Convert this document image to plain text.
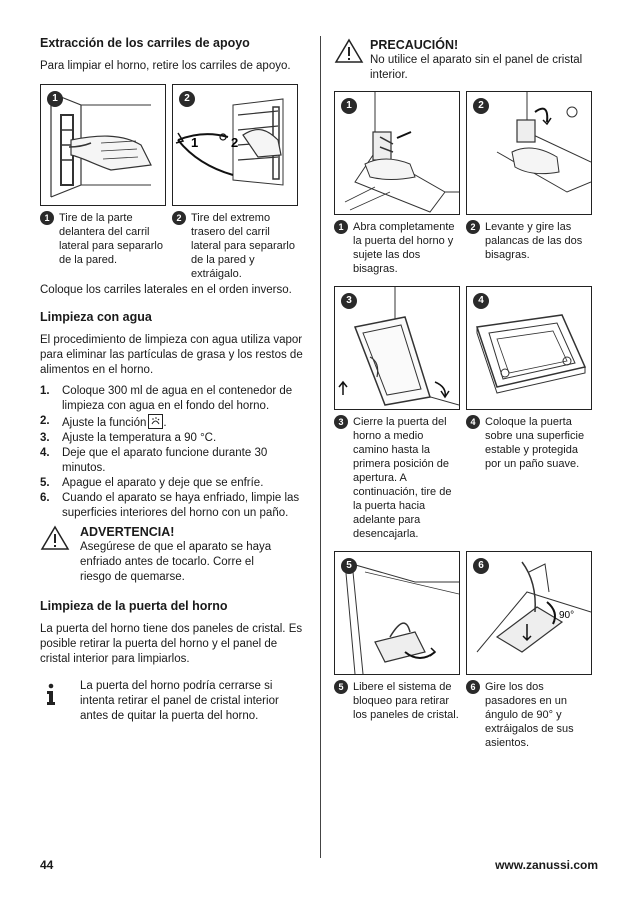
Extracción de los carriles de apoyo

Para limpiar el horno, retire los carriles de apoyo.

1	2
1	2
1 Tire de la parte delantera del carril lateral para separarlo de la pared.
2 Tire del extremo trasero del carril lateral para separarlo de la pared y extráigalo.

Coloque los carriles laterales en el orden inverso.

Limpieza con agua

El procedimiento de limpieza con agua utiliza vapor para eliminar las partículas de grasa y los restos de alimentos en el horno.

1.	Coloque 300 ml de agua en el contenedor de limpieza con agua en el fondo del horno.
2.	Ajuste la función .
3.	Ajuste la temperatura a 90 °C.
4.	Deje que el aparato funcione durante 30 minutos.
5.	Apague el aparato y deje que se enfríe.
6.	Cuando el aparato se haya enfriado, limpie las superficies interiores del horno con un paño.
ADVERTENCIA!

Asegúrese de que el aparato se haya enfriado antes de tocarlo. Corre el riesgo de quemarse.

Limpieza de la puerta del horno

La puerta del horno tiene dos paneles de cristal. Es posible retirar la puerta del horno y el panel de cristal interior para limpiarlos.

La puerta del horno podría cerrarse si intenta retirar el panel de cristal interior antes de quitar la puerta del horno.

PRECAUCIÓN!

No utilice el aparato sin el panel de cristal interior.

1	2
1 Abra completamente la puerta del horno y sujete las dos bisagras.
2 Levante y gire las palancas de las dos bisagras.
3	4
3 Cierre la puerta del horno a medio camino hasta la primera posición de apertura. A continuación, tire de la puerta hacia adelante para desencajarla.
4 Coloque la puerta sobre una superficie estable y protegida por un paño suave.
5	6
90°
5 Libere el sistema de bloqueo para retirar los paneles de cristal.
6 Gire los dos pasadores en un ángulo de 90° y extráigalos de sus asientos.
44	www.zanussi.com
